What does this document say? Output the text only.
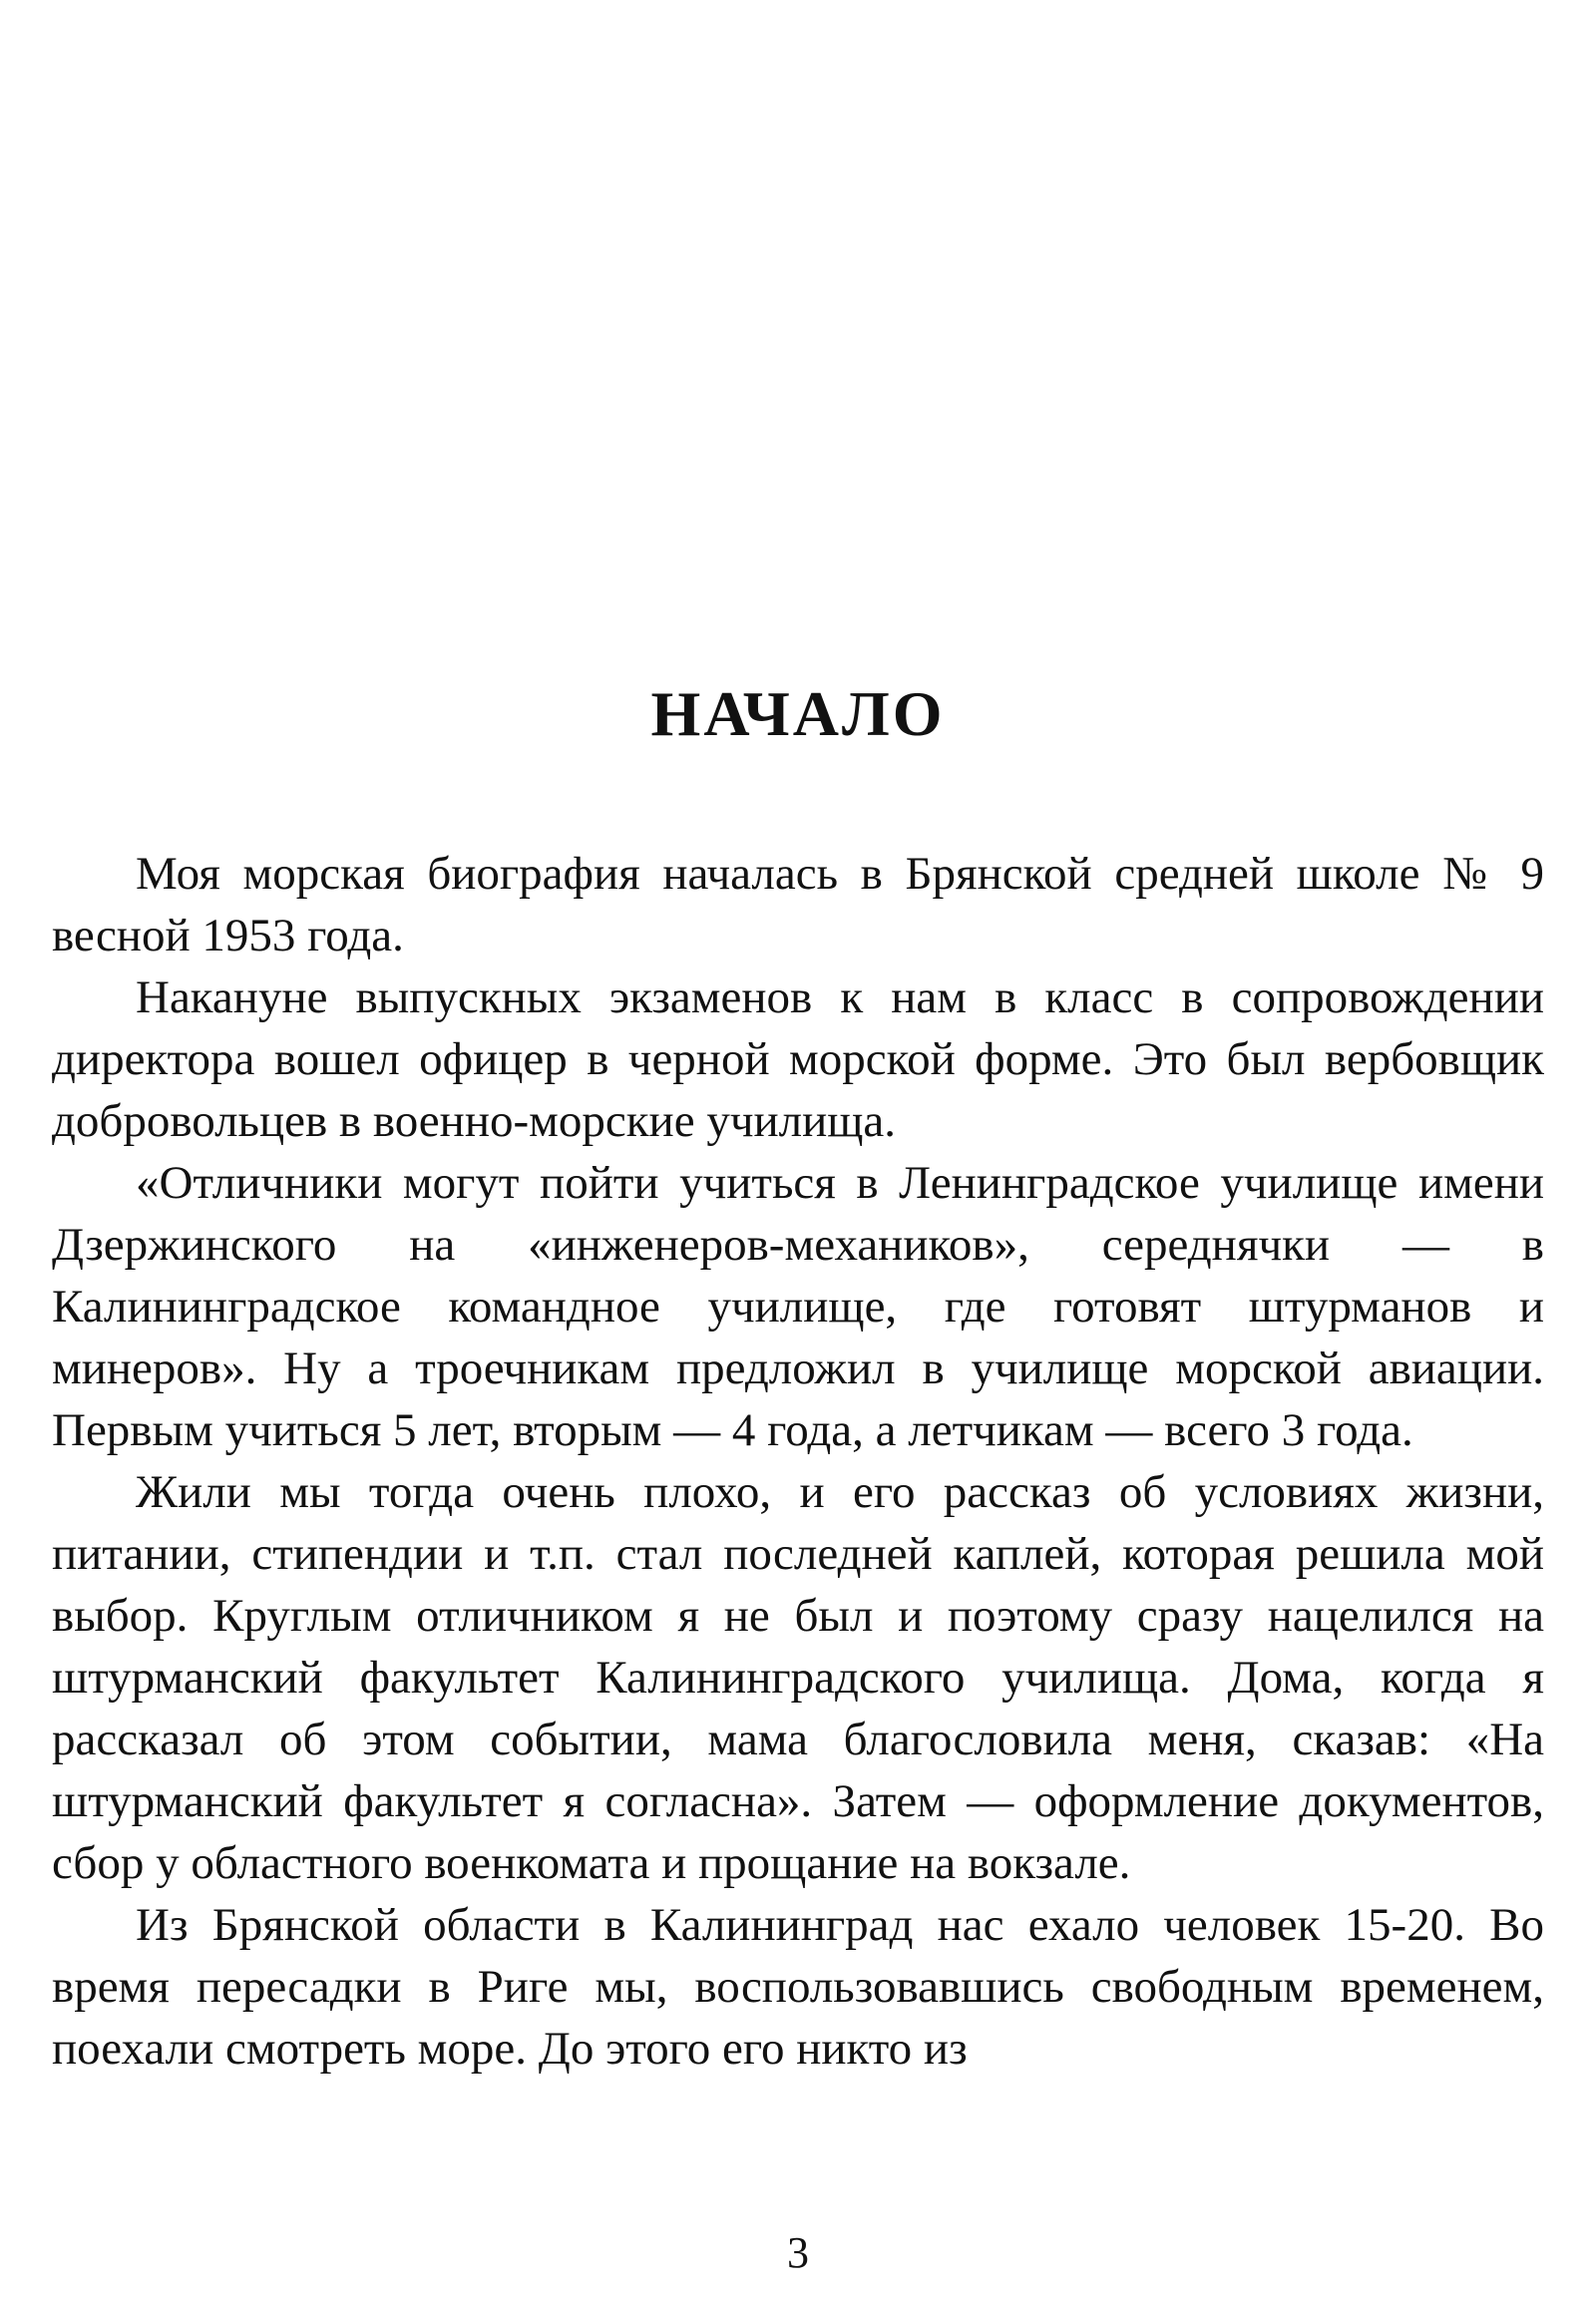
НАЧАЛО

Моя морская биография началась в Брянской средней школе № 9 весной 1953 года.

Накануне выпускных экзаменов к нам в класс в сопровождении директора вошел офицер в черной морской форме. Это был вербовщик добровольцев в военно-морские училища.

«Отличники могут пойти учиться в Ленинградское училище имени Дзержинского на «инженеров-механиков», середнячки — в Калининградское командное училище, где готовят штурманов и минеров». Ну а троечникам предложил в училище морской авиации. Первым учиться 5 лет, вторым — 4 года, а летчикам — всего 3 года.

Жили мы тогда очень плохо, и его рассказ об условиях жизни, питании, стипендии и т.п. стал последней каплей, которая решила мой выбор. Круглым отличником я не был и поэтому сразу нацелился на штурманский факультет Калининградского училища. Дома, когда я рассказал об этом событии, мама благословила меня, сказав: «На штурманский факультет я согласна». Затем — оформление документов, сбор у областного военкомата и прощание на вокзале.

Из Брянской области в Калининград нас ехало человек 15-20. Во время пересадки в Риге мы, воспользовавшись свободным временем, поехали смотреть море. До этого его никто из

3
